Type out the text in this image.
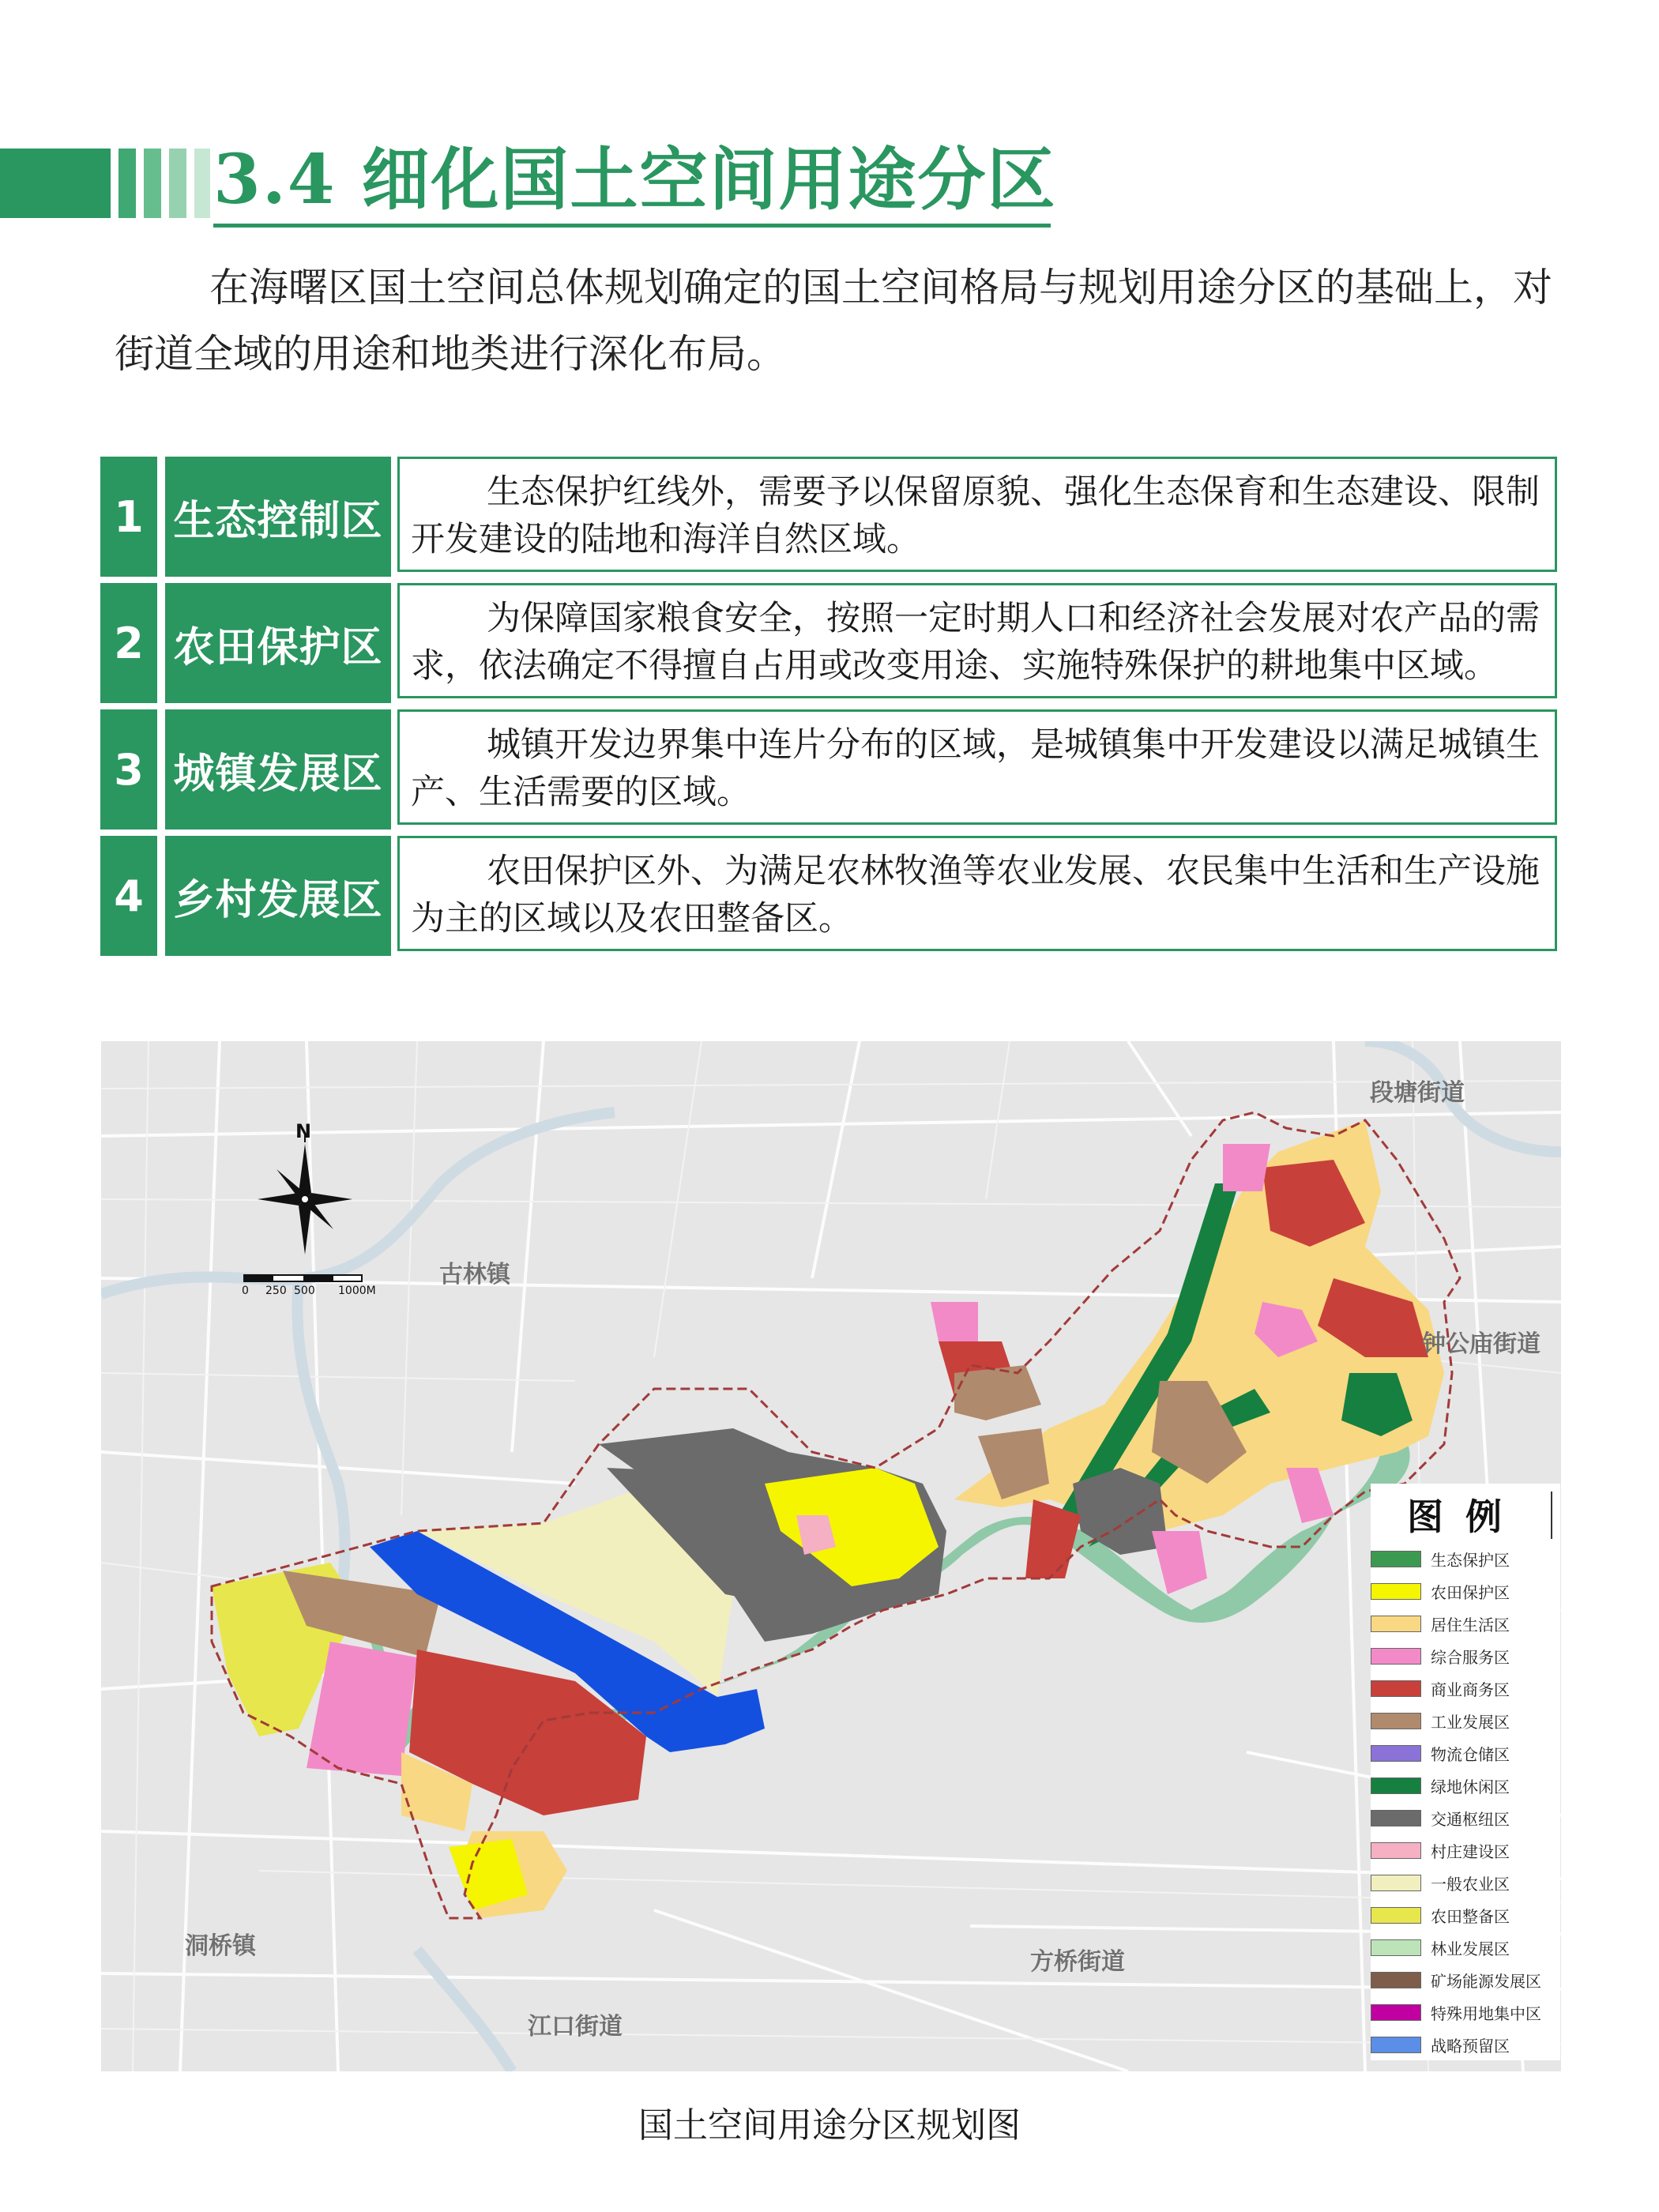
3.4 细化国土空间用途分区
在海曙区国土空间总体规划确定的国土空间格局与规划用途分区的基础上，对街道全域的用途和地类进行深化布局。
1 生态控制区
生态保护红线外，需要予以保留原貌、强化生态保育和生态建设、限制开发建设的陆地和海洋自然区域。
2 农田保护区
为保障国家粮食安全，按照一定时期人口和经济社会发展对农产品的需求，依法确定不得擅自占用或改变用途、实施特殊保护的耕地集中区域。
3 城镇发展区
城镇开发边界集中连片分布的区域，是城镇集中开发建设以满足城镇生产、生活需要的区域。
4 乡村发展区
农田保护区外、为满足农林牧渔等农业发展、农民集中生活和生产设施为主的区域以及农田整备区。
段塘街道
古林镇
钟公庙街道
洞桥镇
方桥街道
江口街道
N
0 250 500 1000M
图例
生态保护区
农田保护区
居住生活区
综合服务区
商业商务区
工业发展区
物流仓储区
绿地休闲区
交通枢纽区
村庄建设区
一般农业区
农田整备区
林业发展区
矿场能源发展区
特殊用地集中区
战略预留区
国土空间用途分区规划图
